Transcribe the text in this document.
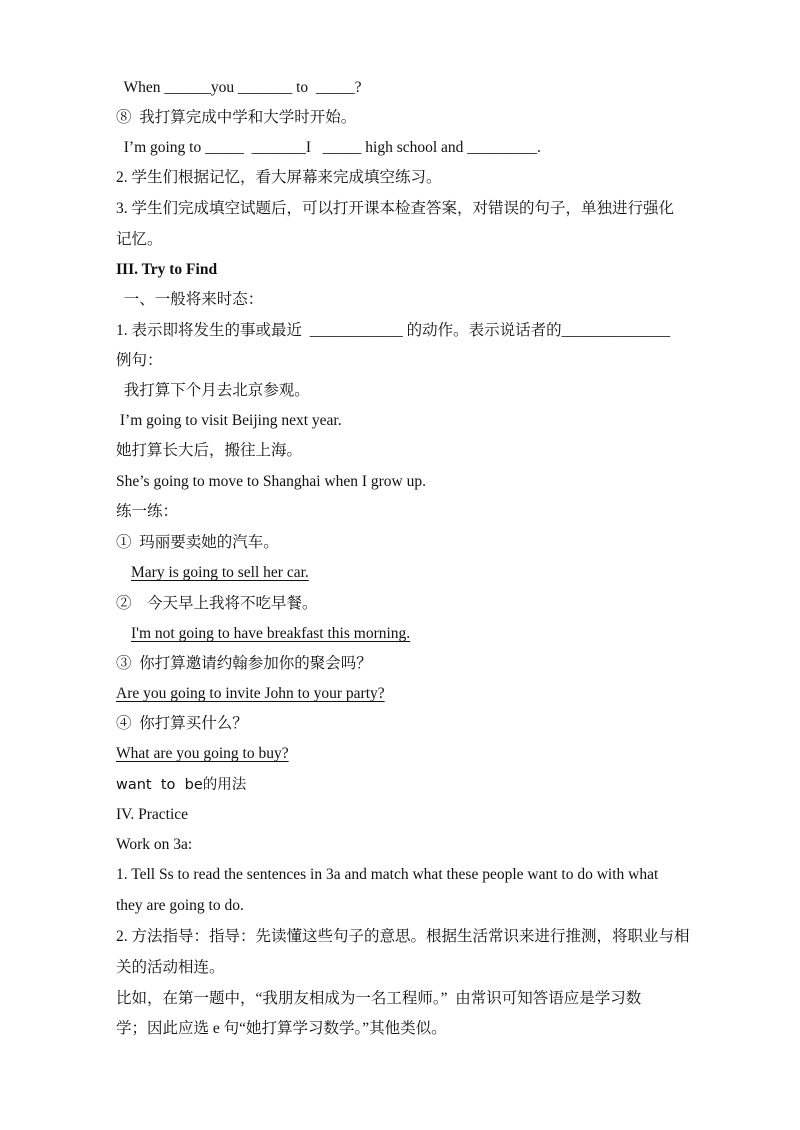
When ______you _______ to  _____?
⑧  我打算完成中学和大学时开始。
I’m going to _____  _______I   _____ high school and _________.
2. 学生们根据记忆，看大屏幕来完成填空练习。
3. 学生们完成填空试题后，可以打开课本检查答案，对错误的句子，单独进行强化
记忆。
III. Try to Find
一、一般将来时态：
1. 表示即将发生的事或最近  ____________ 的动作。表示说话者的______________
例句：
我打算下个月去北京参观。
I’m going to visit Beijing next year.
她打算长大后，搬往上海。
She’s going to move to Shanghai when I grow up.
练一练：
①  玛丽要卖她的汽车。
Mary is going to sell her car.
②    今天早上我将不吃早餐。
I'm not going to have breakfast this morning.
③  你打算邀请约翰参加你的聚会吗？
Are you going to invite John to your party?
④  你打算买什么？
What are you going to buy?
want  to  be的用法
IV. Practice
Work on 3a:
1. Tell Ss to read the sentences in 3a and match what these people want to do with what
they are going to do.
2. 方法指导：指导：先读懂这些句子的意思。根据生活常识来进行推测，将职业与相
关的活动相连。
比如，在第一题中，“我朋友相成为一名工程师。”  由常识可知答语应是学习数
学；因此应选 e 句“她打算学习数学。”其他类似。
